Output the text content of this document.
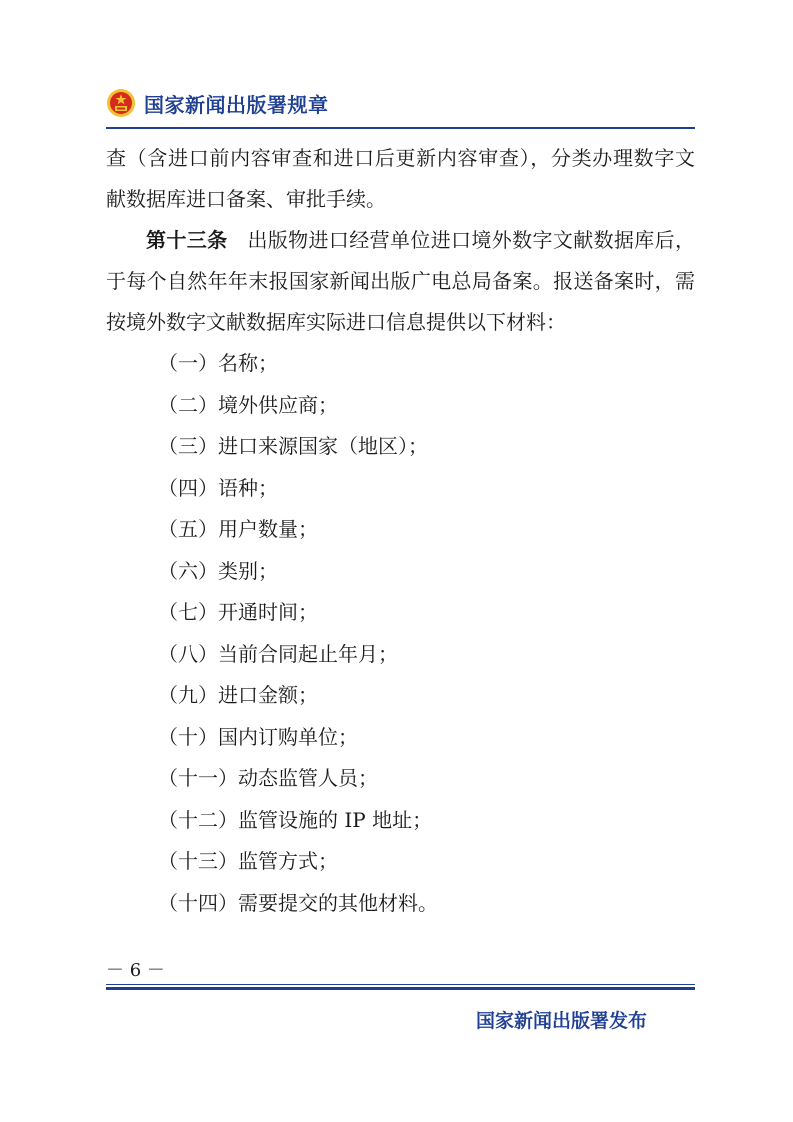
国家新闻出版署规章

查（含进口前内容审查和进口后更新内容审查），分类办理数字文献数据库进口备案、审批手续。

第十三条 出版物进口经营单位进口境外数字文献数据库后，于每个自然年年末报国家新闻出版广电总局备案。报送备案时，需按境外数字文献数据库实际进口信息提供以下材料：

（一）名称；
（二）境外供应商；
（三）进口来源国家（地区）；
（四）语种；
（五）用户数量；
（六）类别；
（七）开通时间；
（八）当前合同起止年月；
（九）进口金额；
（十）国内订购单位；
（十一）动态监管人员；
（十二）监管设施的 IP 地址；
（十三）监管方式；
（十四）需要提交的其他材料。
－ 6 －
国家新闻出版署发布
